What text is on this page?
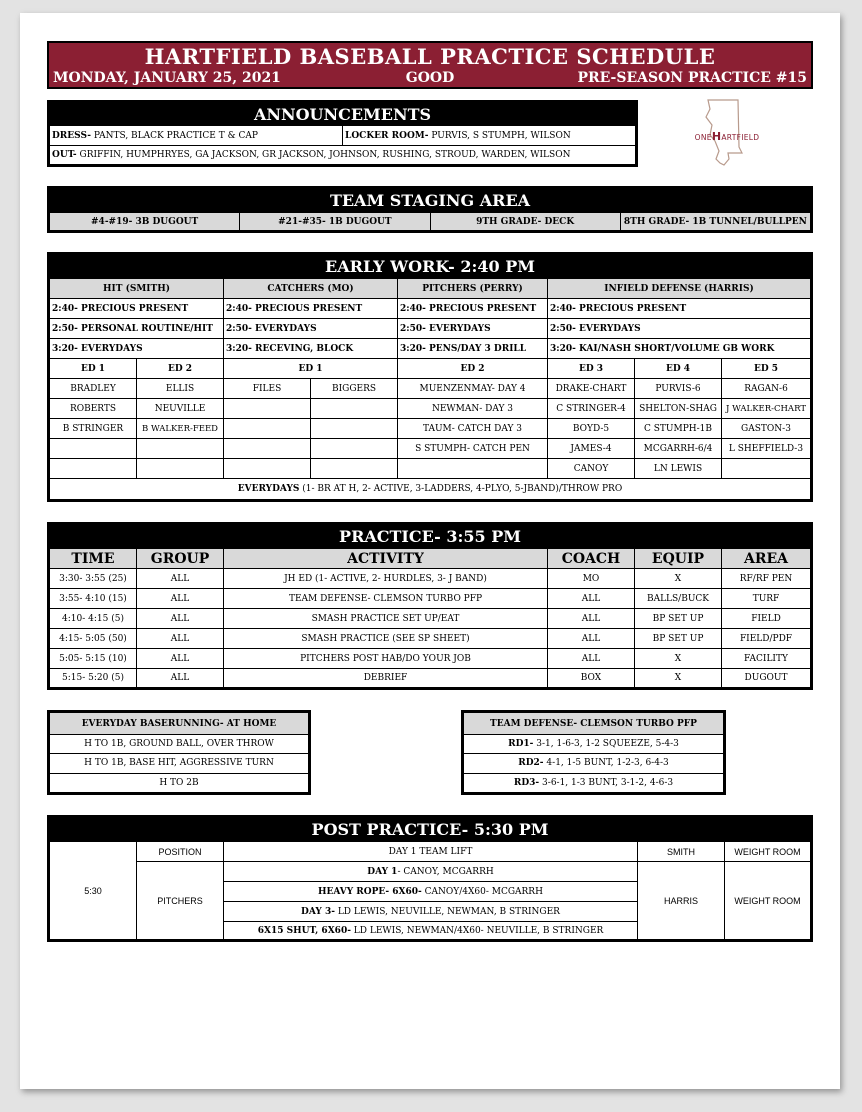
HARTFIELD BASEBALL PRACTICE SCHEDULE
MONDAY, JANUARY 25, 2021	GOOD	PRE-SEASON PRACTICE #15
ANNOUNCEMENTS
DRESS- PANTS, BLACK PRACTICE T & CAP	LOCKER ROOM- PURVIS, S STUMPH, WILSON
OUT- GRIFFIN, HUMPHRYES, GA JACKSON, GR JACKSON, JOHNSON, RUSHING, STROUD, WARDEN, WILSON
ONEHARTFIELD
TEAM STAGING AREA
#4-#19- 3B DUGOUT	#21-#35- 1B DUGOUT	9TH GRADE- DECK	8TH GRADE- 1B TUNNEL/BULLPEN
EARLY WORK- 2:40 PM							
HIT (SMITH)		CATCHERS (MO)		PITCHERS (PERRY)	INFIELD DEFENSE (HARRIS)		
2:40- PRECIOUS PRESENT		2:40- PRECIOUS PRESENT		2:40- PRECIOUS PRESENT	2:40- PRECIOUS PRESENT		
2:50- PERSONAL ROUTINE/HIT		2:50- EVERYDAYS		2:50- EVERYDAYS	2:50- EVERYDAYS		
3:20- EVERYDAYS		3:20- RECEVING, BLOCK		3:20- PENS/DAY 3 DRILL	3:20- KAI/NASH SHORT/VOLUME GB WORK		
ED 1	ED 2	ED 1		ED 2	ED 3	ED 4	ED 5
BRADLEY	ELLIS	FILES	BIGGERS	MUENZENMAY- DAY 4	DRAKE-CHART	PURVIS-6	RAGAN-6
ROBERTS	NEUVILLE			NEWMAN- DAY 3	C STRINGER-4	SHELTON-SHAG	J WALKER-CHART
B STRINGER	B WALKER-FEED			TAUM- CATCH DAY 3	BOYD-5	C STUMPH-1B	GASTON-3
				S STUMPH- CATCH PEN	JAMES-4	MCGARRH-6/4	L SHEFFIELD-3
					CANOY	LN LEWIS	
EVERYDAYS (1- BR AT H, 2- ACTIVE, 3-LADDERS, 4-PLYO, 5-JBAND)/THROW PRO							
PRACTICE- 3:55 PM					
TIME	GROUP	ACTIVITY	COACH	EQUIP	AREA
3:30- 3:55 (25)	ALL	JH ED (1- ACTIVE, 2- HURDLES, 3- J BAND)	MO	X	RF/RF PEN
3:55- 4:10 (15)	ALL	TEAM DEFENSE- CLEMSON TURBO PFP	ALL	BALLS/BUCK	TURF
4:10- 4:15 (5)	ALL	SMASH PRACTICE SET UP/EAT	ALL	BP SET UP	FIELD
4:15- 5:05 (50)	ALL	SMASH PRACTICE (SEE SP SHEET)	ALL	BP SET UP	FIELD/PDF
5:05- 5:15 (10)	ALL	PITCHERS POST HAB/DO YOUR JOB	ALL	X	FACILITY
5:15- 5:20 (5)	ALL	DEBRIEF	BOX	X	DUGOUT
EVERYDAY BASERUNNING- AT HOME
H TO 1B, GROUND BALL, OVER THROW
H TO 1B, BASE HIT, AGGRESSIVE TURN
H TO 2B
TEAM DEFENSE- CLEMSON TURBO PFP
RD1- 3-1, 1-6-3, 1-2 SQUEEZE, 5-4-3
RD2- 4-1, 1-5 BUNT, 1-2-3, 6-4-3
RD3- 3-6-1, 1-3 BUNT, 3-1-2, 4-6-3
POST PRACTICE- 5:30 PM				
5:30	POSITION	DAY 1 TEAM LIFT	SMITH	WEIGHT ROOM
	PITCHERS	DAY 1- CANOY, MCGARRH	HARRIS	WEIGHT ROOM
		HEAVY ROPE- 6X60- CANOY/4X60- MCGARRH		
		DAY 3- LD LEWIS, NEUVILLE, NEWMAN, B STRINGER		
		6X15 SHUT, 6X60- LD LEWIS, NEWMAN/4X60- NEUVILLE, B STRINGER		
